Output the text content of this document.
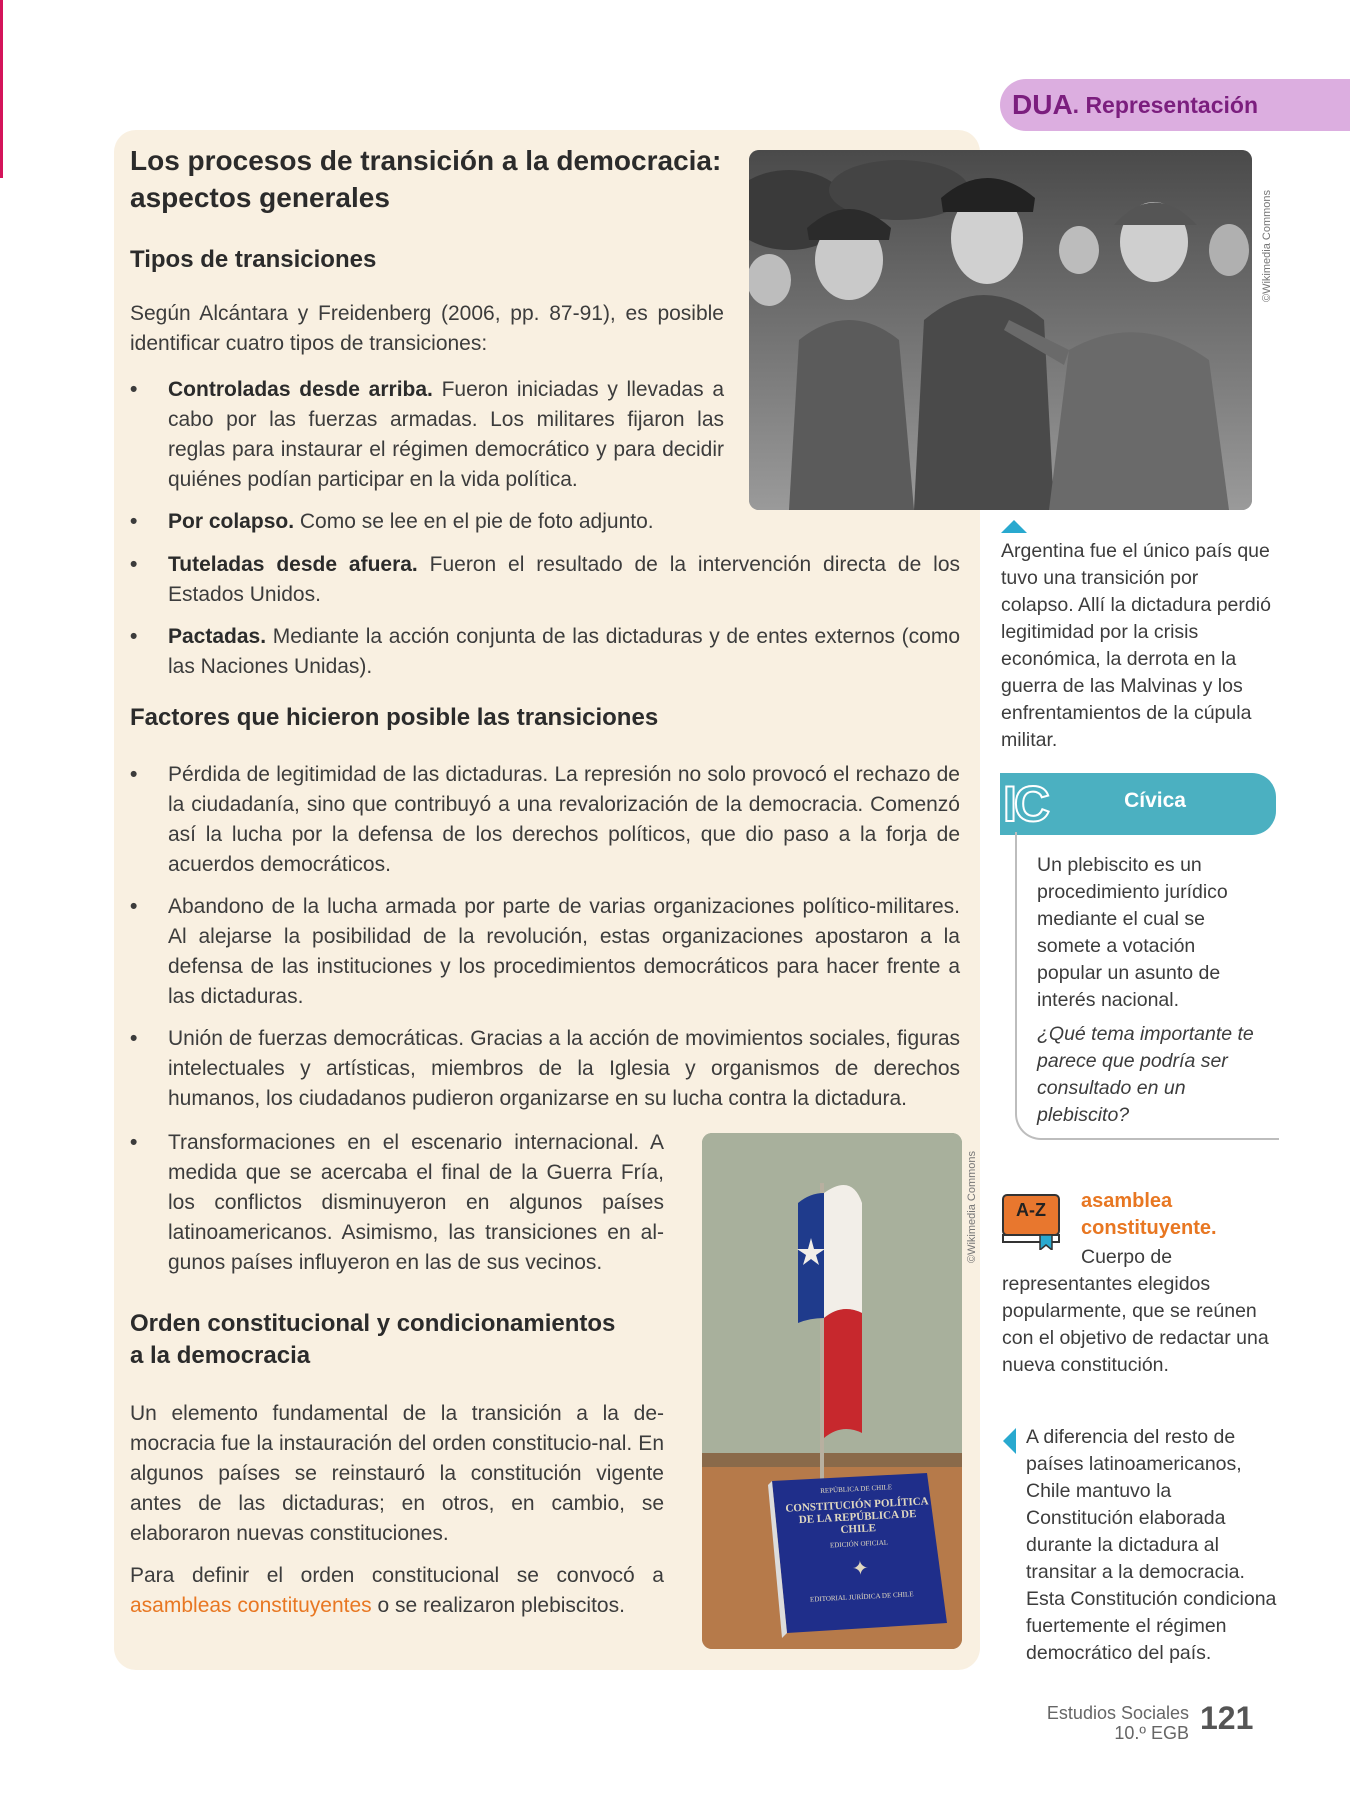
DUA . Representación
Los procesos de transición a la democracia: aspectos generales
Tipos de transiciones

Según Alcántara y Freidenberg (2006, pp. 87-91), es posible identificar cuatro tipos de transiciones:

• Controladas desde arriba. Fueron iniciadas y llevadas a cabo por las fuerzas armadas. Los militares fijaron las reglas para instaurar el régimen democrático y para decidir quiénes podían participar en la vida política.
• Por colapso. Como se lee en el pie de foto adjunto.
• Tuteladas desde afuera. Fueron el resultado de la intervención directa de los Estados Unidos.
• Pactadas. Mediante la acción conjunta de las dictaduras y de entes externos (como las Naciones Unidas).
Factores que hicieron posible las transiciones
• Pérdida de legitimidad de las dictaduras. La represión no solo provocó el rechazo de la ciudadanía, sino que contribuyó a una revalorización de la democracia. Comenzó así la lucha por la defensa de los derechos políticos, que dio paso a la forja de acuerdos democráticos.
• Abandono de la lucha armada por parte de varias organizaciones político-militares. Al alejarse la posibilidad de la revolución, estas organizaciones apostaron a la defensa de las instituciones y los procedimientos democráticos para hacer frente a las dictaduras.
• Unión de fuerzas democráticas. Gracias a la acción de movimientos sociales, figuras intelectuales y artísticas, miembros de la Iglesia y organismos de derechos humanos, los ciudadanos pudieron organizarse en su lucha contra la dictadura.
• Transformaciones en el escenario internacional. A medida que se acercaba el final de la Guerra Fría, los conflictos disminuyeron en algunos países latinoamericanos. Asimismo, las transiciones en al-gunos países influyeron en las de sus vecinos.
Orden constitucional y condicionamientos
a la democracia

Un elemento fundamental de la transición a la de-mocracia fue la instauración del orden constitucio-nal. En algunos países se reinstauró la constitución vigente antes de las dictaduras; en otros, en cambio, se elaboraron nuevas constituciones.

Para definir el orden constitucional se convocó a asambleas constituyentes o se realizaron plebiscitos.

©Wikimedia Commons

Argentina fue el único país que tuvo una transición por colapso. Allí la dictadura perdió legitimidad por la crisis económica, la derrota en la guerra de las Malvinas y los enfrentamientos de la cúpula militar.

IC	Cívica

Un plebiscito es un procedimiento jurídico mediante el cual se somete a votación popular un asunto de interés nacional.

¿Qué tema importante te parece que podría ser consultado en un plebiscito?

REPÚBLICA DE CHILE
CONSTITUCIÓN POLÍTICA DE LA REPÚBLICA DE CHILE
EDICIÓN OFICIAL
✦
EDITORIAL JURÍDICA DE CHILE
©Wikimedia Commons	A-Z	asamblea constituyente.

Cuerpo de

representantes elegidos popularmente, que se reúnen con el objetivo de redactar una nueva constitución.

A diferencia del resto de países latinoamericanos, Chile mantuvo la Constitución elaborada durante la dictadura al transitar a la democracia. Esta Constitución condiciona fuertemente el régimen democrático del país.

Estudios Sociales
10.º EGB 121
